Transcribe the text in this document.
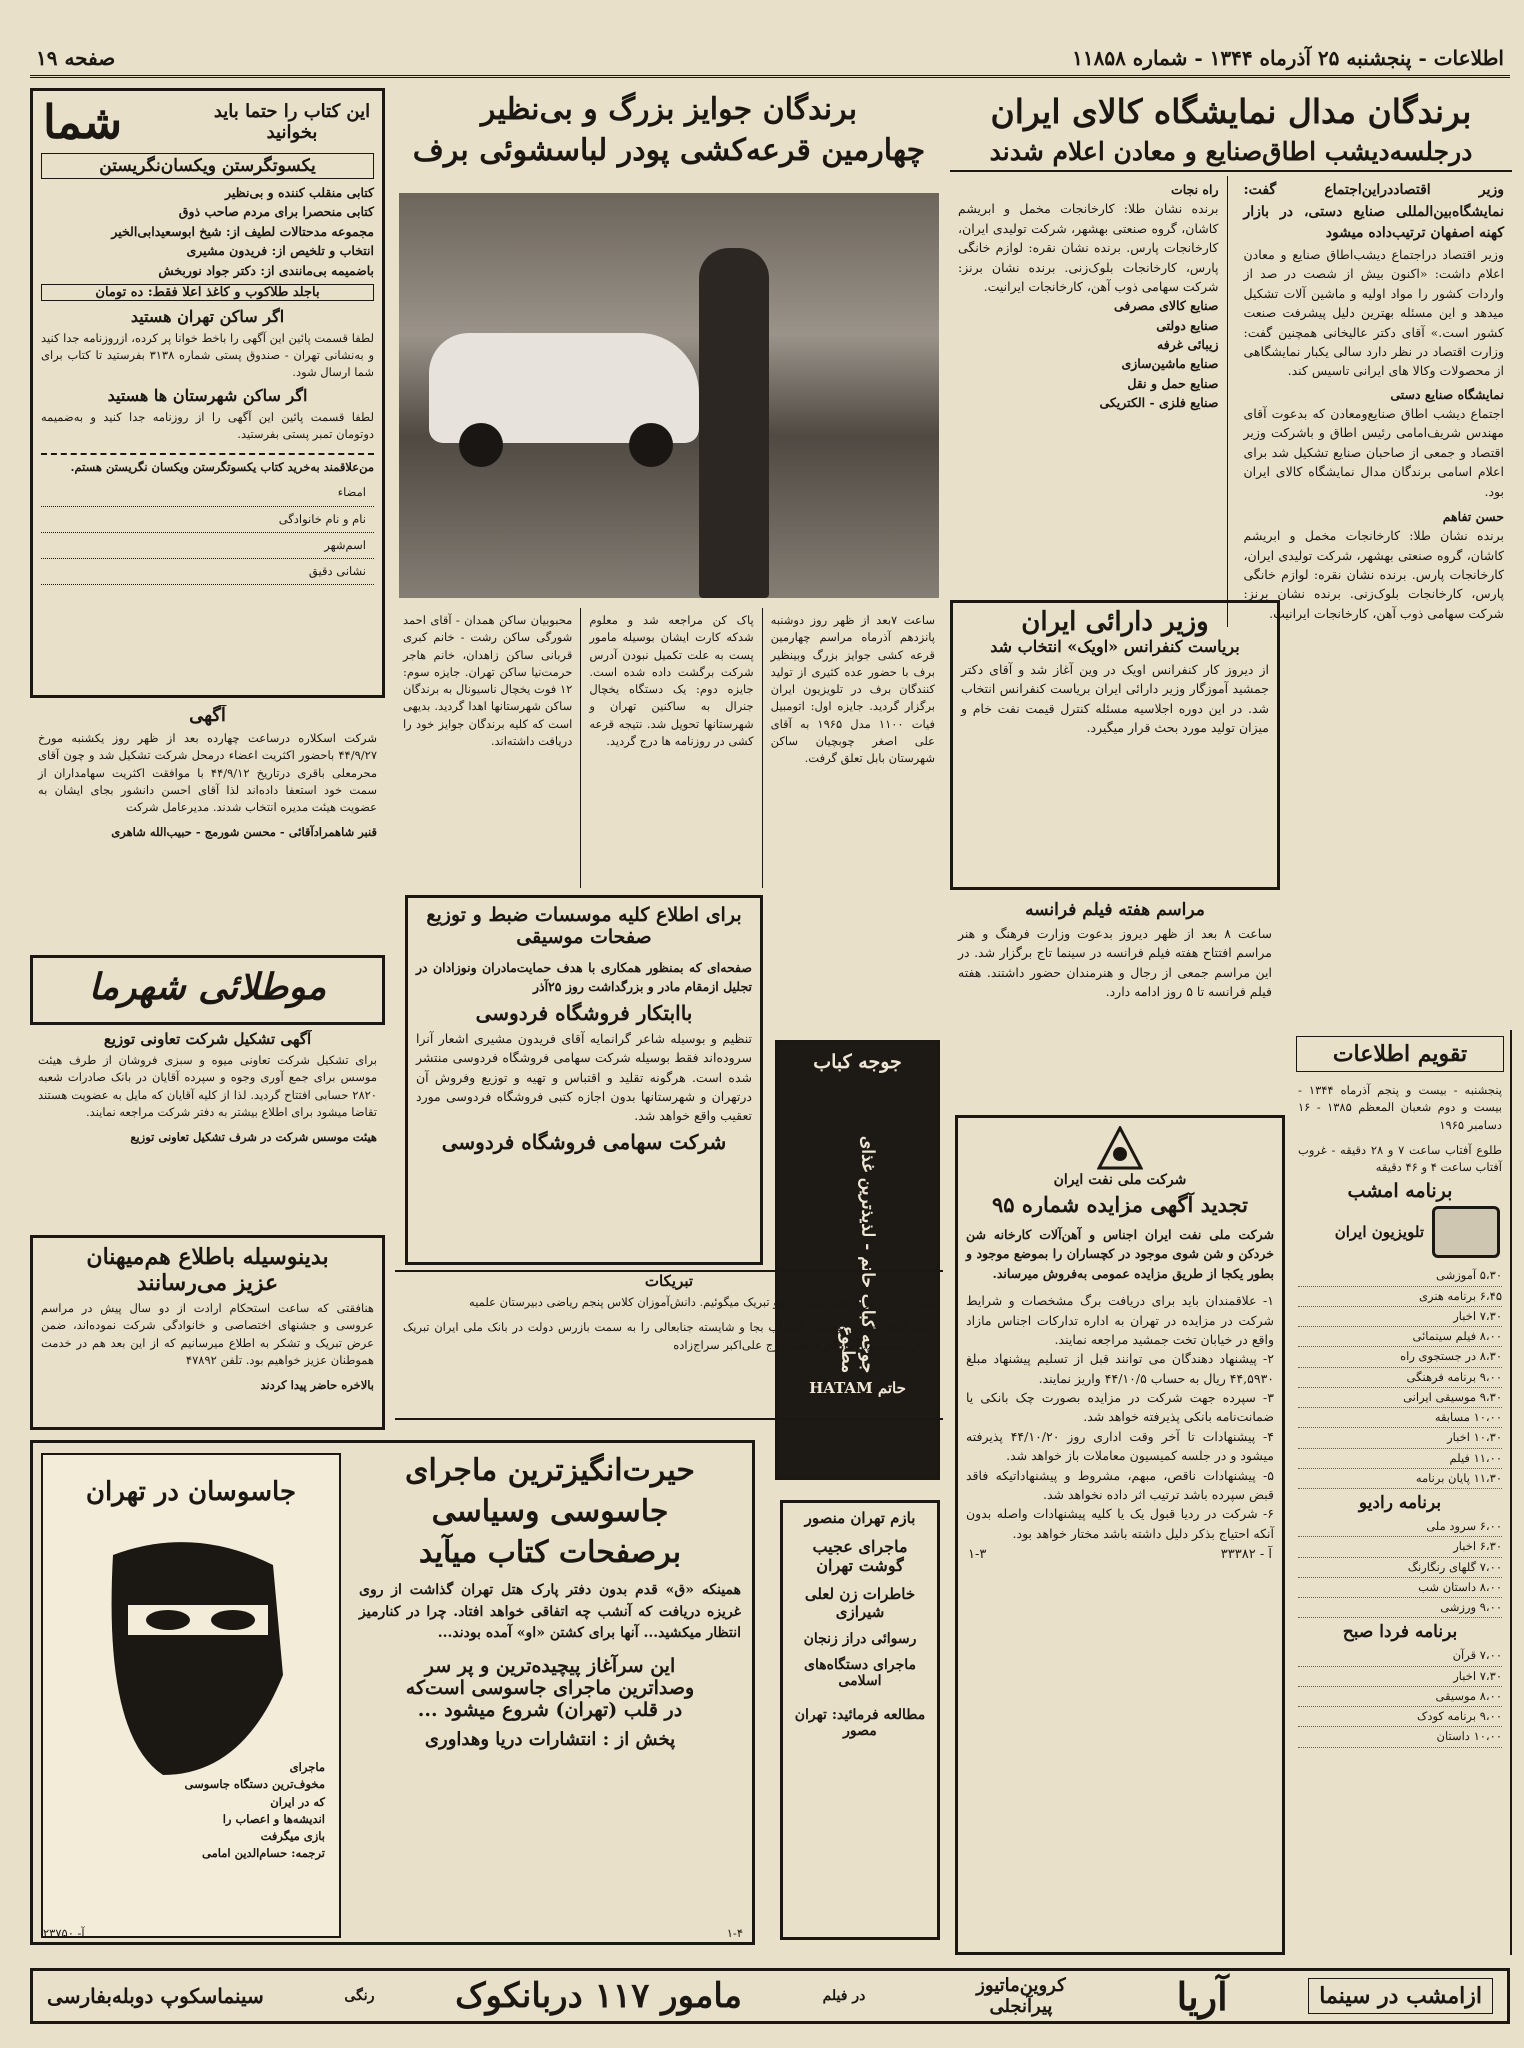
اطلاعات - پنجشنبه ۲۵ آذرماه ۱۳۴۴ - شماره ۱۱۸۵۸
صفحه ۱۹
برندگان مدال نمایشگاه کالای ایران
درجلسه‌دیشب اطاق‌صنایع و معادن اعلام شدند
وزیر اقتصاددراین‌اجتماع گفت: نمایشگاه‌بین‌المللی صنایع دستی، در بازار کهنه اصفهان ترتیب‌داده میشود
وزیر اقتصاد دراجتماع دیشب‌اطاق صنایع و معادن اعلام داشت: «اکنون بیش از شصت در صد از واردات کشور را مواد اولیه و ماشین آلات تشکیل میدهد و این مسئله بهترین دلیل پیشرفت صنعت کشور است.» آقای دکتر عالیخانی همچنین گفت: وزارت اقتصاد در نظر دارد سالی یکبار نمایشگاهی از محصولات وکالا های ایرانی تاسیس کند.
نمایشگاه صنایع دستی
اجتماع دیشب اطاق صنایع‌ومعادن که بدعوت آقای مهندس شریف‌امامی رئیس اطاق و باشرکت وزیر اقتصاد و جمعی از صاحبان صنایع تشکیل شد برای اعلام اسامی برندگان مدال نمایشگاه کالای ایران بود.
حسن تفاهم
برنده نشان طلا: کارخانجات مخمل و ابریشم کاشان، گروه صنعتی بهشهر، شرکت تولیدی ایران، کارخانجات پارس. برنده نشان نقره: لوازم خانگی پارس، کارخانجات بلوک‌زنی. برنده نشان برنز: شرکت سهامی ذوب آهن، کارخانجات ایرانیت.
راه نجات
برنده نشان طلا: کارخانجات مخمل و ابریشم کاشان، گروه صنعتی بهشهر، شرکت تولیدی ایران، کارخانجات پارس. برنده نشان نقره: لوازم خانگی پارس، کارخانجات بلوک‌زنی. برنده نشان برنز: شرکت سهامی ذوب آهن، کارخانجات ایرانیت.
صنایع کالای مصرفی
صنایع دولتی
زیبائی غرفه
صنایع ماشین‌سازی
صنایع حمل و نقل
صنایع فلزی - الکتریکی
تقویم اطلاعات
پنجشنبه - بیست و پنجم آذرماه ۱۳۴۴ - بیست و دوم شعبان المعظم ۱۳۸۵ - ۱۶ دسامبر ۱۹۶۵
طلوع آفتاب ساعت ۷ و ۲۸ دقیقه - غروب آفتاب ساعت ۴ و ۴۶ دقیقه
برنامه امشب
تلویزیون ایران
۵،۳۰ آموزشی
۶،۴۵ برنامه هنری
۷،۳۰ اخبار
۸،۰۰ فیلم سینمائی
۸،۳۰ در جستجوی راه
۹،۰۰ برنامه فرهنگی
۹،۳۰ موسیقی ایرانی
۱۰،۰۰ مسابقه
۱۰،۳۰ اخبار
۱۱،۰۰ فیلم
۱۱،۳۰ پایان برنامه
برنامه رادیو
۶،۰۰ سرود ملی
۶،۳۰ اخبار
۷،۰۰ گلهای رنگارنگ
۸،۰۰ داستان شب
۹،۰۰ ورزشی
برنامه فردا صبح
۷،۰۰ قرآن
۷،۳۰ اخبار
۸،۰۰ موسیقی
۹،۰۰ برنامه کودک
۱۰،۰۰ داستان
وزیر دارائی ایران
بریاست کنفرانس «اویک» انتخاب شد
از دیروز کار کنفرانس اویک در وین آغاز شد و آقای دکتر جمشید آموزگار وزیر دارائی ایران بریاست کنفرانس انتخاب شد. در این دوره اجلاسیه مسئله کنترل قیمت نفت خام و میزان تولید مورد بحث قرار میگیرد.
مراسم هفته فیلم فرانسه
ساعت ۸ بعد از ظهر دیروز بدعوت وزارت فرهنگ و هنر مراسم افتتاح هفته فیلم فرانسه در سینما تاج برگزار شد. در این مراسم جمعی از رجال و هنرمندان حضور داشتند. هفته فیلم فرانسه تا ۵ روز ادامه دارد.
شرکت ملی نفت ایران
تجدید آگهی مزایده شماره ۹۵
شرکت ملی نفت ایران اجناس و آهن‌آلات کارخانه شن خردکن و شن شوی موجود در کچساران را بموضع موجود و بطور یکجا از طریق مزایده عمومی به‌فروش میرساند.
۱- علاقمندان باید برای دریافت برگ مشخصات و شرایط شرکت در مزایده در تهران به اداره تدارکات اجناس مازاد واقع در خیابان تخت جمشید مراجعه نمایند.
۲- پیشنهاد دهندگان می توانند قبل از تسلیم پیشنهاد مبلغ ۴۴,۵۹۳۰ ریال به حساب ۴۴/۱۰/۵ واریز نمایند.
۳- سپرده جهت شرکت در مزایده بصورت چک بانکی یا ضمانت‌نامه بانکی پذیرفته خواهد شد.
۴- پیشنهادات تا آخر وقت اداری روز ۴۴/۱۰/۲۰ پذیرفته میشود و در جلسه کمیسیون معاملات باز خواهد شد.
۵- پیشنهادات ناقص، مبهم، مشروط و پیشنهاداتیکه فاقد قبض سپرده باشد ترتیب اثر داده نخواهد شد.
۶- شرکت در ردیا قبول یک یا کلیه پیشنهادات واصله بدون آنکه احتیاج بذکر دلیل داشته باشد مختار خواهد بود.
آ - ۳۳۳۸۲
۱-۳
برندگان جوایز بزرگ و بی‌نظیر
چهارمین قرعه‌کشی پودر لباسشوئی برف
ساعت ۷بعد از ظهر روز دوشنبه پانزدهم آذرماه مراسم چهارمین قرعه کشی جوایز بزرگ وبینظیر برف با حضور عده کثیری از تولید کنندگان برف در تلویزیون ایران برگزار گردید. جایزه اول: اتومبیل فیات ۱۱۰۰ مدل ۱۹۶۵ به آقای علی اصغر چوبچیان ساکن شهرستان بابل تعلق گرفت.
پاک کن مراجعه شد و معلوم شدکه کارت ایشان بوسیله مامور پست به علت تکمیل نبودن آدرس شرکت برگشت داده شده است. جایزه دوم: یک دستگاه یخچال جنرال به ساکنین تهران و شهرستانها تحویل شد. نتیجه قرعه کشی در روزنامه ها درج گردید.
محبوبیان ساکن همدان - آقای احمد شورگی ساکن رشت - خانم کبری قربانی ساکن زاهدان، خانم هاجر حرمت‌نیا ساکن تهران. جایزه سوم: ۱۲ فوت یخچال ناسیونال به برندگان ساکن شهرستانها اهدا گردید. بدیهی است که کلیه برندگان جوایز خود را دریافت داشته‌اند.
برای اطلاع کلیه موسسات ضبط و توزیع صفحات موسیقی
صفحه‌ای که بمنظور همکاری با هدف حمایت‌مادران ونوزادان در تجلیل ازمقام مادر و بزرگداشت روز ۲۵آذر
باابتکار فروشگاه فردوسی
تنظیم و بوسیله شاعر گرانمایه آقای فریدون مشیری اشعار آنرا سروده‌اند فقط بوسیله شرکت سهامی فروشگاه فردوسی منتشر شده است. هرگونه تقلید و اقتباس و تهیه و توزیع وفروش آن درتهران و شهرستانها بدون اجازه کتبی فروشگاه فردوسی مورد تعقیب واقع خواهد شد.
شرکت سهامی فروشگاه فردوسی
جوجه کباب
جوجه کباب حاتم - لذیذترین غذای مطبوع
حاتم HATAM
تبریکات
مادر عزیز: روز فرخنده مادر را بتو تبریک میگوئیم. دانش‌آموزان کلاس پنجم ریاضی دبیرستان علمیه
جناب آقای حسین یوسفی: انتصاب بجا و شایسته جنابعالی را به سمت بازرس دولت در بانک ملی ایران تبریک عرض مینمائیم. آموزگار فرهنگ کرج علی‌اکبر سراج‌زاده
بازم تهران منصور
ماجرای عجیب گوشت تهران
خاطرات زن لعلی شیرازی
رسوائی دراز زنجان
ماجرای دستگاه‌های اسلامی
مطالعه فرمائید: تهران مصور
جاسوسان در تهران
ماجرای
مخوف‌ترین دستگاه جاسوسی
که در ایران
اندیشه‌ها و اعصاب را
بازی میگرفت
ترجمه: حسام‌الدین امامی
حیرت‌انگیزترین ماجرای
جاسوسی وسیاسی
برصفحات کتاب میآید
همینکه «ق» قدم بدون دفتر پارک هتل تهران گذاشت از روی غریزه دریافت که آنشب چه اتفاقی خواهد افتاد. چرا در کنارمیز انتظار میکشید... آنها برای کشتن «او» آمده بودند...
این سرآغاز پیچیده‌ترین و پر سر
وصداترین ماجرای جاسوسی است‌که
در قلب (تهران) شروع میشود ...
پخش از : انتشارات دریا وهداوری
۱-۴
آ- ۲۳۷۵۰
این کتاب را حتما باید بخوانید
شما
یکسوتگرستن ویکسان‌نگریستن
کتابی منقلب کننده و بی‌نظیر
کتابی منحصرا برای مردم صاحب ذوق
مجموعه مدحتالات لطیف از: شیخ ابوسعیدابی‌الخیر
انتخاب و تلخیص از: فریدون مشیری
باضمیمه بی‌مانندی از: دکتر جواد نوربخش
باجلد طلاکوب و کاغذ اعلا فقط: ده تومان
اگر ساکن تهران هستید
لطفا قسمت پائین این آگهی را باخط خوانا پر کرده، ازروزنامه جدا کنید و به‌نشانی تهران - صندوق پستی شماره ۳۱۳۸ بفرستید تا کتاب برای شما ارسال شود.
اگر ساکن شهرستان ها هستید
لطفا قسمت پائین این آگهی را از روزنامه جدا کنید و به‌ضمیمه دوتومان تمبر پستی بفرستید.
من‌علاقمند به‌خرید کتاب یکسوتگرستن ویکسان نگریستن هستم.
امضاء
نام و نام خانوادگی
اسم‌شهر
نشانی دقیق
آگهی
شرکت اسکلاره درساعت چهارده بعد از ظهر روز یکشنبه مورخ ۴۴/۹/۲۷ باحضور اکثریت اعضاء درمحل شرکت تشکیل شد و چون آقای محرمعلی باقری درتاریخ ۴۴/۹/۱۲ با موافقت اکثریت سهامداران از سمت خود استعفا داده‌اند لذا آقای احسن دانشور بجای ایشان به عضویت هیئت مدیره انتخاب شدند. مدیرعامل شرکت
قنبر شاهمرادآقائی - محسن شورمج - حبیب‌الله شاهری
موطلائی شهرما
آگهی تشکیل شرکت تعاونی توزیع
برای تشکیل شرکت تعاونی میوه و سبزی فروشان از طرف هیئت موسس برای جمع آوری وجوه و سپرده آقایان در بانک صادرات شعبه ۲۸۲۰ حسابی افتتاح گردید. لذا از کلیه آقایان که مایل به عضویت هستند تقاضا میشود برای اطلاع بیشتر به دفتر شرکت مراجعه نمایند.
هیئت موسس شرکت در شرف تشکیل تعاونی توزیع
بدینوسیله باطلاع هم‌میهنان
عزیز می‌رسانند
هنافقتی که ساعت استحکام ارادت از دو سال پیش در مراسم عروسی و جشنهای اختصاصی و خانوادگی شرکت نموده‌اند، ضمن عرض تبریک و تشکر به اطلاع میرسانیم که از این بعد هم در خدمت هموطنان عزیز خواهیم بود. تلفن ۴۷۸۹۲
بالاخره حاضر پیدا کردند
ازامشب در سینما
آریا
کروین‌ماتیوز پیرآنجلی
در فیلم
مامور ۱۱۷ دربانکوک
رنگی
سینماسکوپ دوبله‌بفارسی
